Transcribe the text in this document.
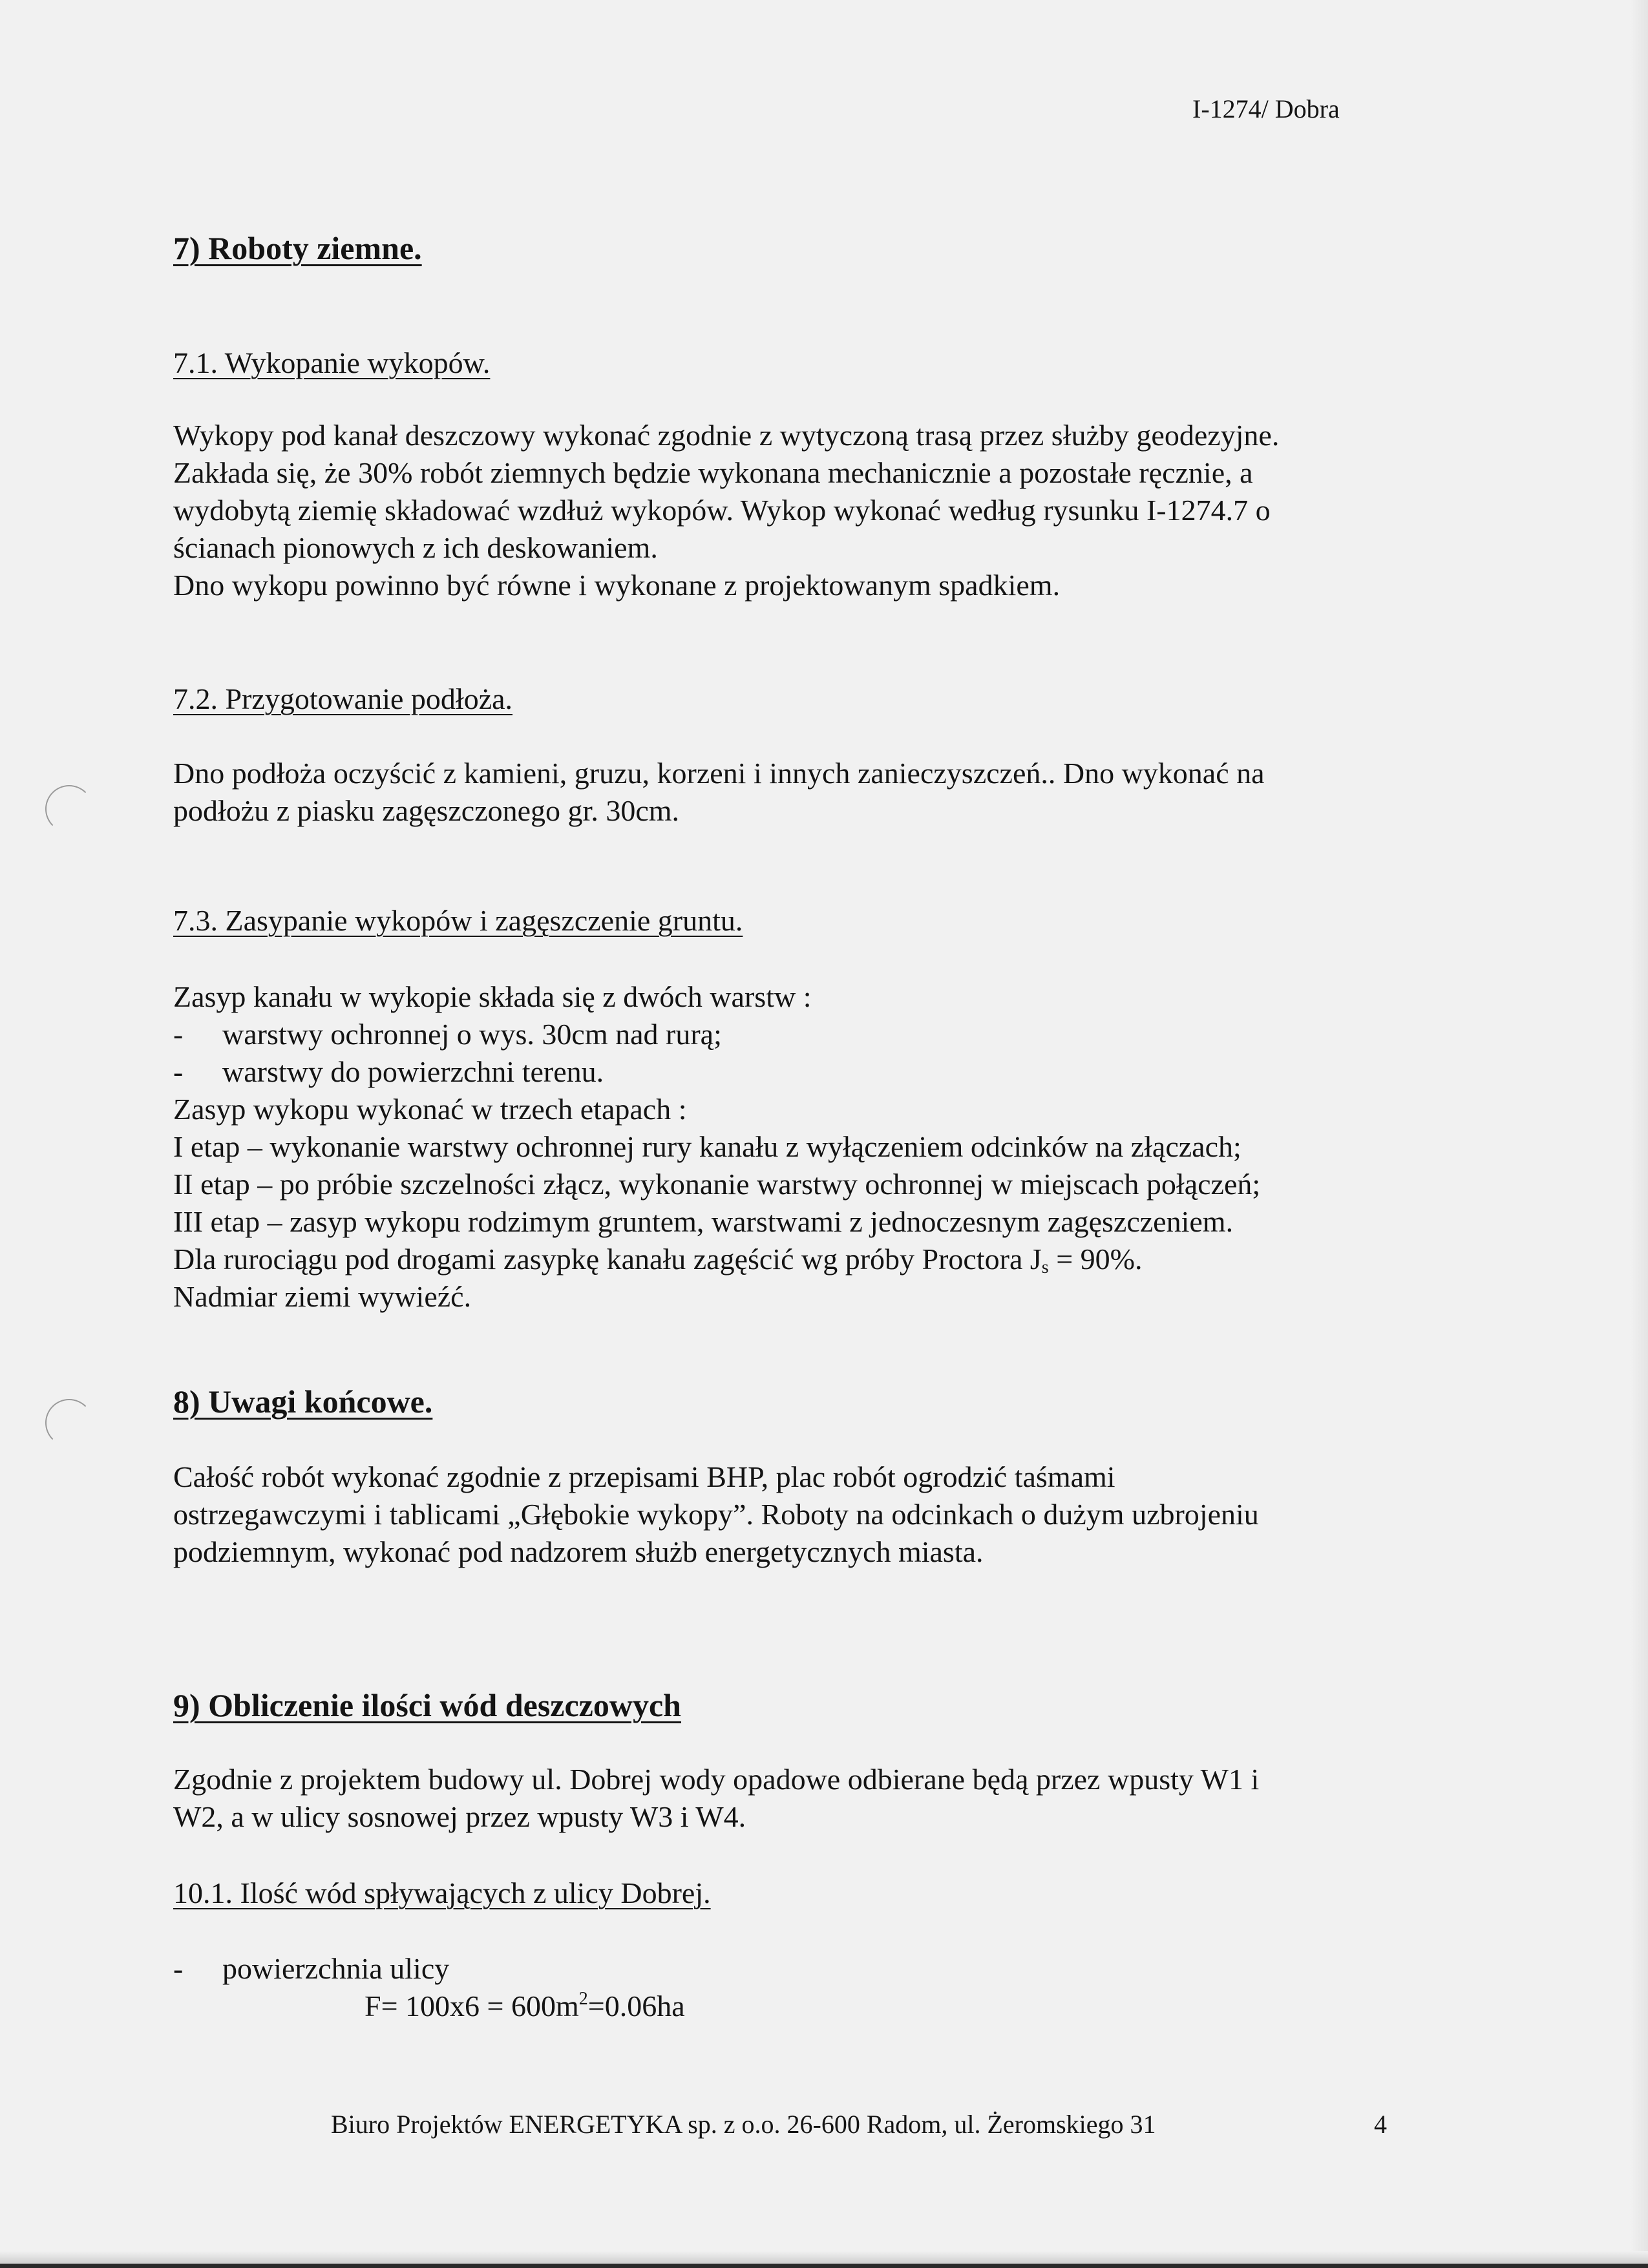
I-1274/ Dobra
7) Roboty ziemne.
7.1. Wykopanie wykopów.

Wykopy pod kanał deszczowy wykonać zgodnie z wytyczoną trasą przez służby geodezyjne.

Zakłada się, że 30% robót ziemnych będzie wykonana mechanicznie a pozostałe ręcznie, a

wydobytą ziemię składować wzdłuż wykopów. Wykop wykonać według rysunku I-1274.7 o

ścianach pionowych z ich deskowaniem.

Dno wykopu powinno być równe i wykonane z projektowanym spadkiem.

7.2. Przygotowanie podłoża.

Dno podłoża oczyścić z kamieni, gruzu, korzeni i innych zanieczyszczeń.. Dno wykonać na

podłożu z piasku zagęszczonego gr. 30cm.

7.3. Zasypanie wykopów i zagęszczenie gruntu.

Zasyp kanału w wykopie składa się z dwóch warstw :

- warstwy ochronnej o wys. 30cm nad rurą;
- warstwy do powierzchni terenu.

Zasyp wykopu wykonać w trzech etapach :

I etap – wykonanie warstwy ochronnej rury kanału z wyłączeniem odcinków na złączach;

II etap – po próbie szczelności złącz, wykonanie warstwy ochronnej w miejscach połączeń;

III etap – zasyp wykopu rodzimym gruntem, warstwami z jednoczesnym zagęszczeniem.

Dla rurociągu pod drogami zasypkę kanału zagęścić wg próby Proctora $J_s = 90\%$.

Nadmiar ziemi wywieźć.

8) Uwagi końcowe.

Całość robót wykonać zgodnie z przepisami BHP, plac robót ogrodzić taśmami

ostrzegawczymi i tablicami „Głębokie wykopy”. Roboty na odcinkach o dużym uzbrojeniu

podziemnym, wykonać pod nadzorem służb energetycznych miasta.

9) Obliczenie ilości wód deszczowych

Zgodnie z projektem budowy ul. Dobrej wody opadowe odbierane będą przez wpusty W1 i

W2, a w ulicy sosnowej przez wpusty W3 i W4.

10.1. Ilość wód spływających z ulicy Dobrej.
- powierzchnia ulicy

$F= 100x6 = 600m^2=0.06ha$

Biuro Projektów ENERGETYKA sp. z o.o. 26-600 Radom, ul. Żeromskiego 31	4
